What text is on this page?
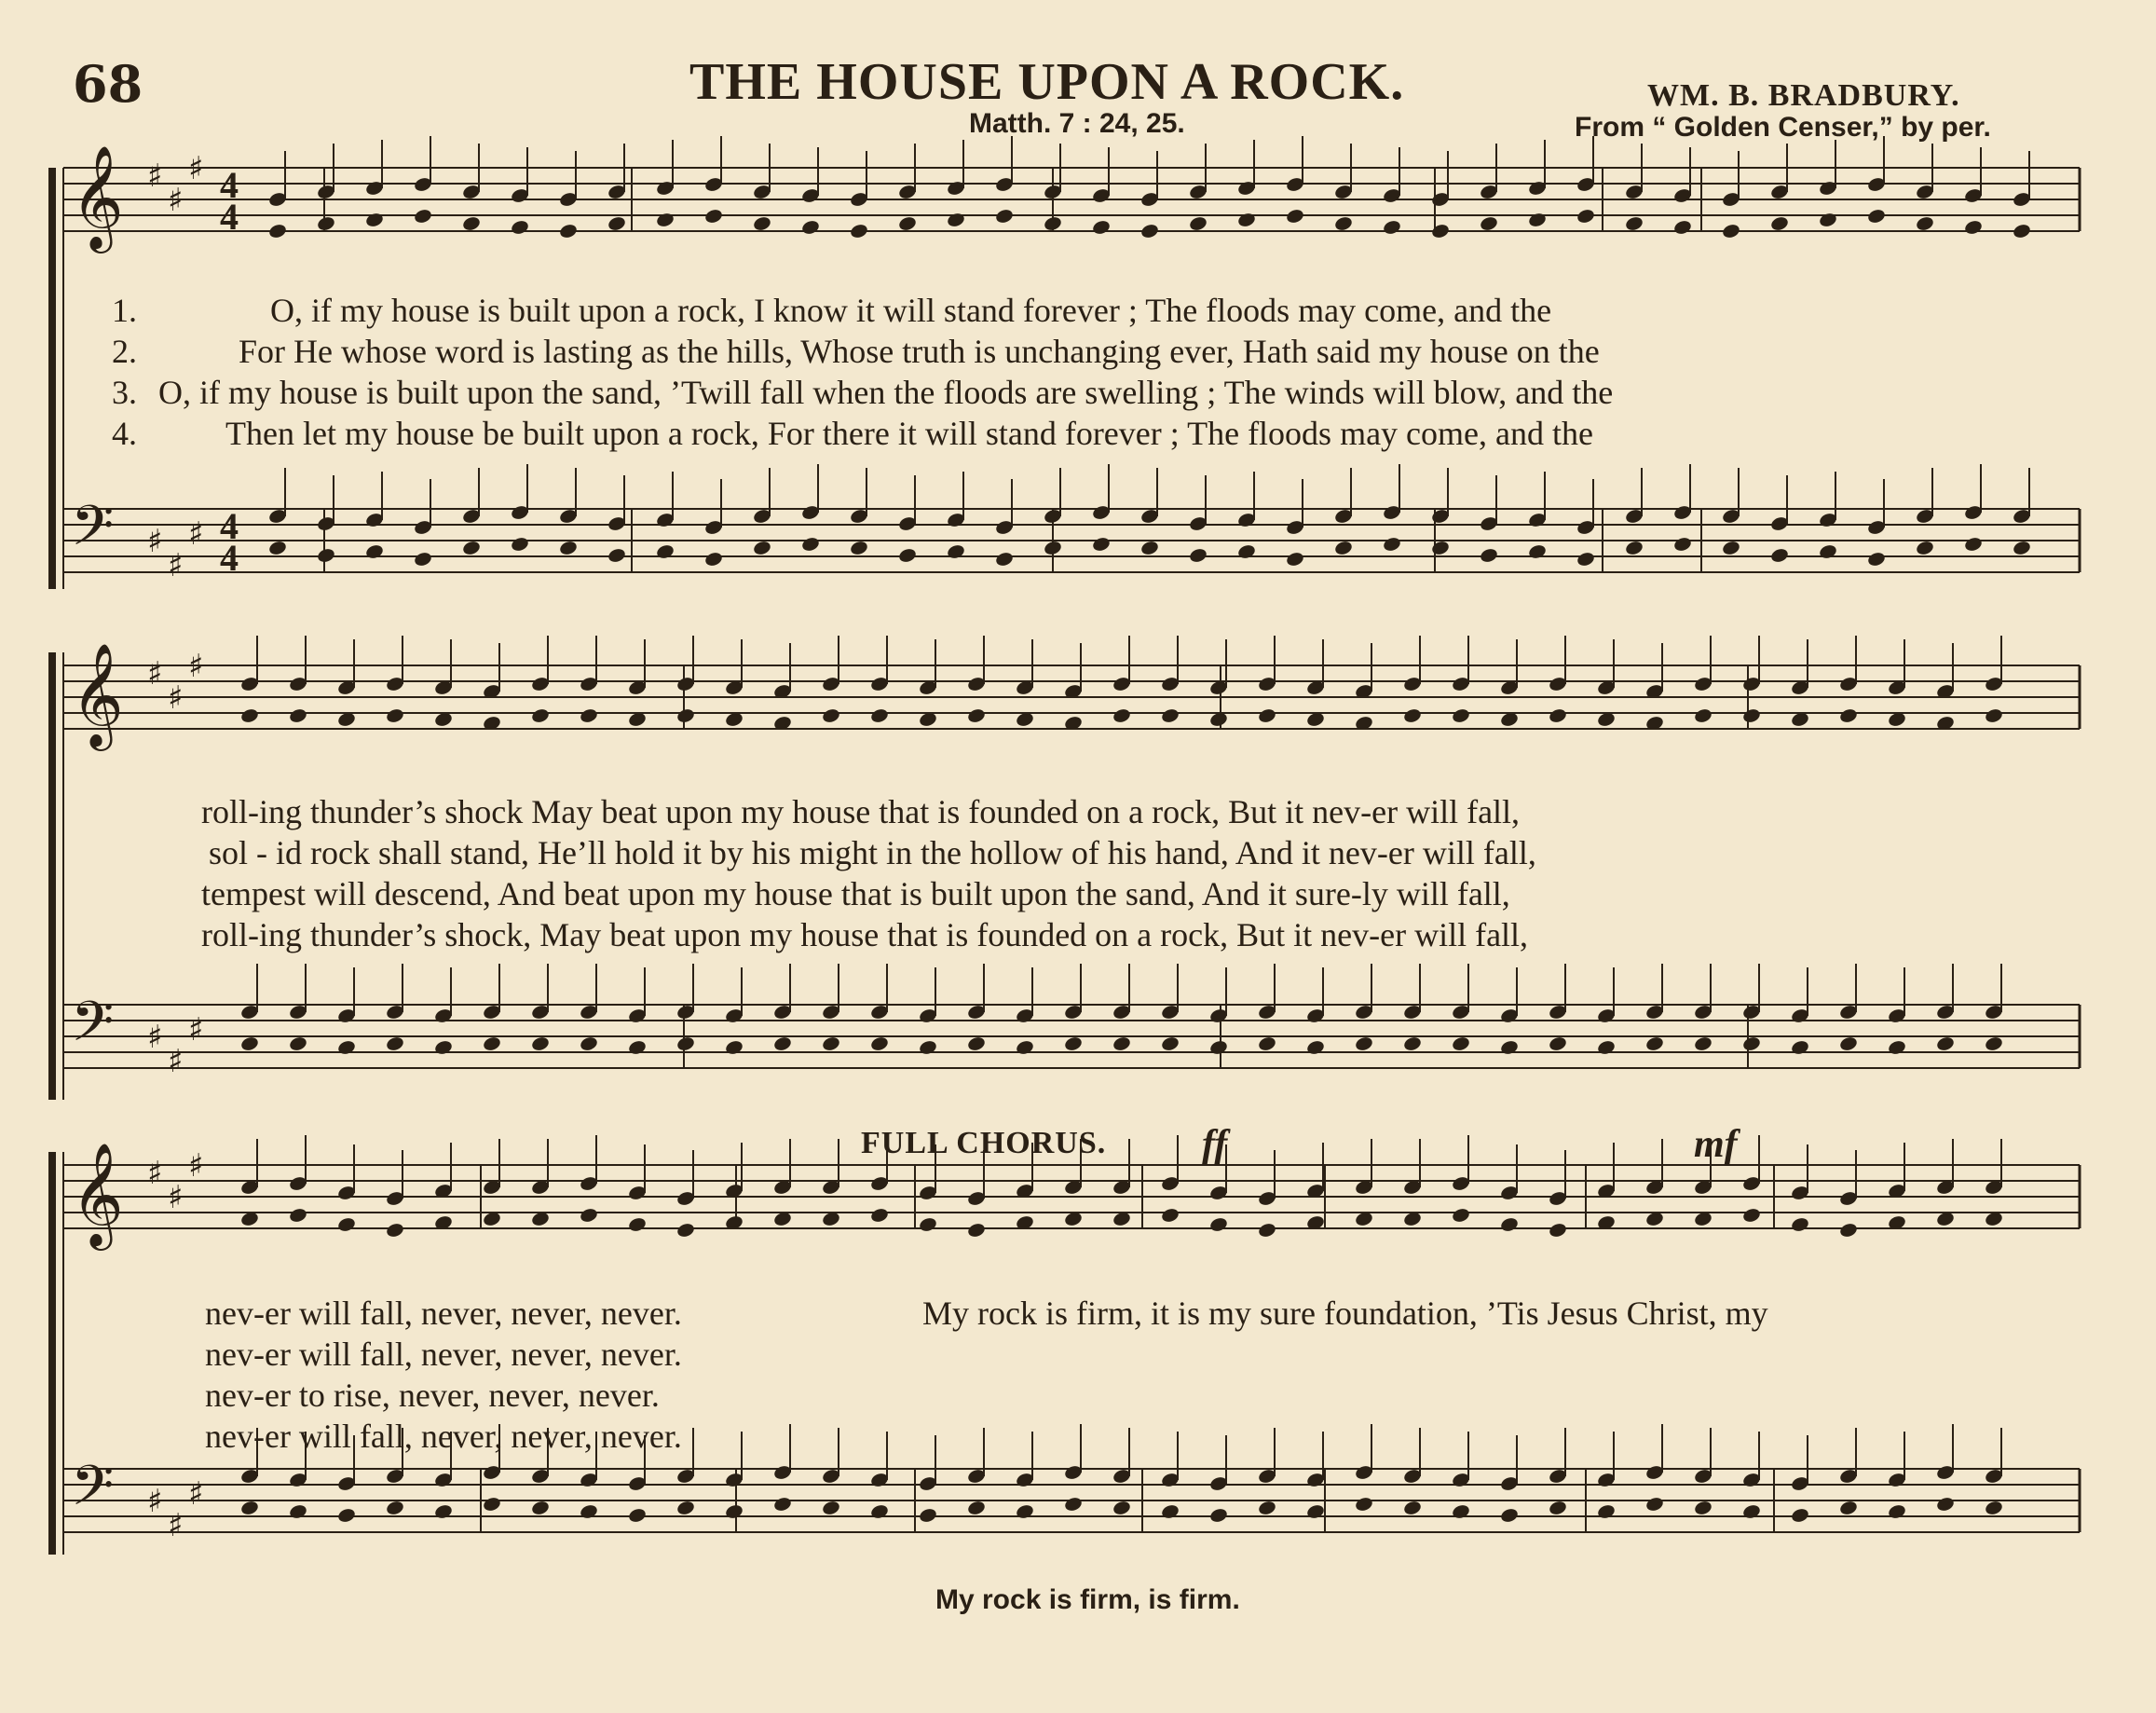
68	THE HOUSE UPON A ROCK.
Matth. 7 : 24, 25.
WM. B. BRADBURY.
From “ Golden Censer,” by per.
𝄞 ♯
♯
♯ 4
4
𝄢 ♯
♯
♯ 4
4
𝄞 ♯
♯
♯
𝄢 ♯
♯
♯
𝄞 ♯
♯
♯
𝄢 ♯
♯
♯
1.	O, if my house is built upon a rock, I know it will stand forever ; The floods may come, and the
2.	For He whose word is lasting as the hills, Whose truth is unchanging ever, Hath said my house on the
3. O, if my house is built upon the sand, ’Twill fall when the floods are swelling ; The winds will blow, and the
4.	Then let my house be built upon a rock, For there it will stand forever ; The floods may come, and the
roll-ing thunder’s shock May beat upon my house that is founded on a rock, But it nev-er will fall,
sol - id rock shall stand, He’ll hold it by his might in the hollow of his hand, And it nev-er will fall,
tempest will descend, And beat upon my house that is built upon the sand, And it sure-ly will fall,
roll-ing thunder’s shock, May beat upon my house that is founded on a rock, But it nev-er will fall,
FULL CHORUS. ff	mf
nev-er will fall, never, never, never.
nev-er will fall, never, never, never.
nev-er to rise, never, never, never.
nev-er will fall, never, never, never.
My rock is firm, it is my sure foundation, ’Tis Jesus Christ, my
My rock is firm, is firm.
